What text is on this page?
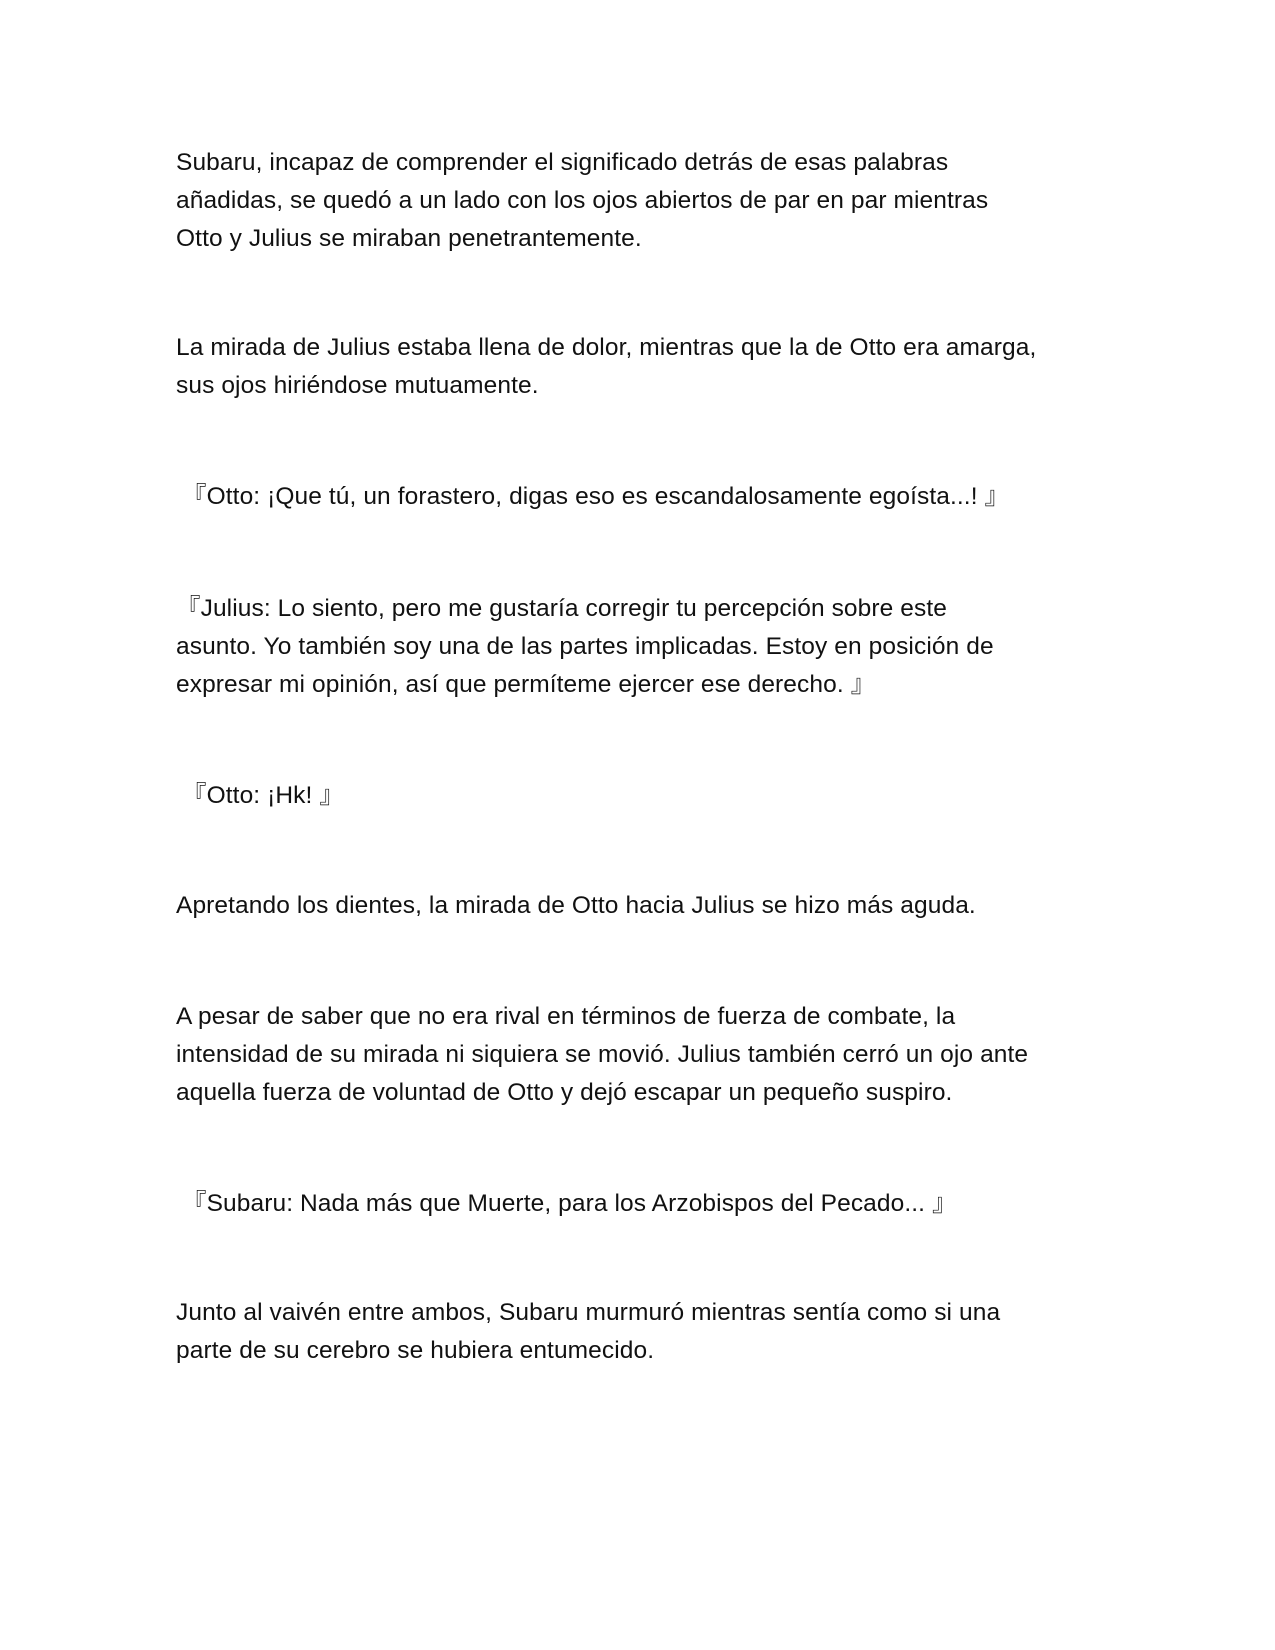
Subaru, incapaz de comprender el significado detrás de esas palabras
añadidas, se quedó a un lado con los ojos abiertos de par en par mientras
Otto y Julius se miraban penetrantemente.

La mirada de Julius estaba llena de dolor, mientras que la de Otto era amarga,
sus ojos hiriéndose mutuamente.

『Otto: ¡Que tú, un forastero, digas eso es escandalosamente egoísta...! 』

『Julius: Lo siento, pero me gustaría corregir tu percepción sobre este
asunto. Yo también soy una de las partes implicadas. Estoy en posición de
expresar mi opinión, así que permíteme ejercer ese derecho. 』

『Otto: ¡Hk! 』

Apretando los dientes, la mirada de Otto hacia Julius se hizo más aguda.

A pesar de saber que no era rival en términos de fuerza de combate, la
intensidad de su mirada ni siquiera se movió. Julius también cerró un ojo ante
aquella fuerza de voluntad de Otto y dejó escapar un pequeño suspiro.

『Subaru: Nada más que Muerte, para los Arzobispos del Pecado... 』

Junto al vaivén entre ambos, Subaru murmuró mientras sentía como si una
parte de su cerebro se hubiera entumecido.
